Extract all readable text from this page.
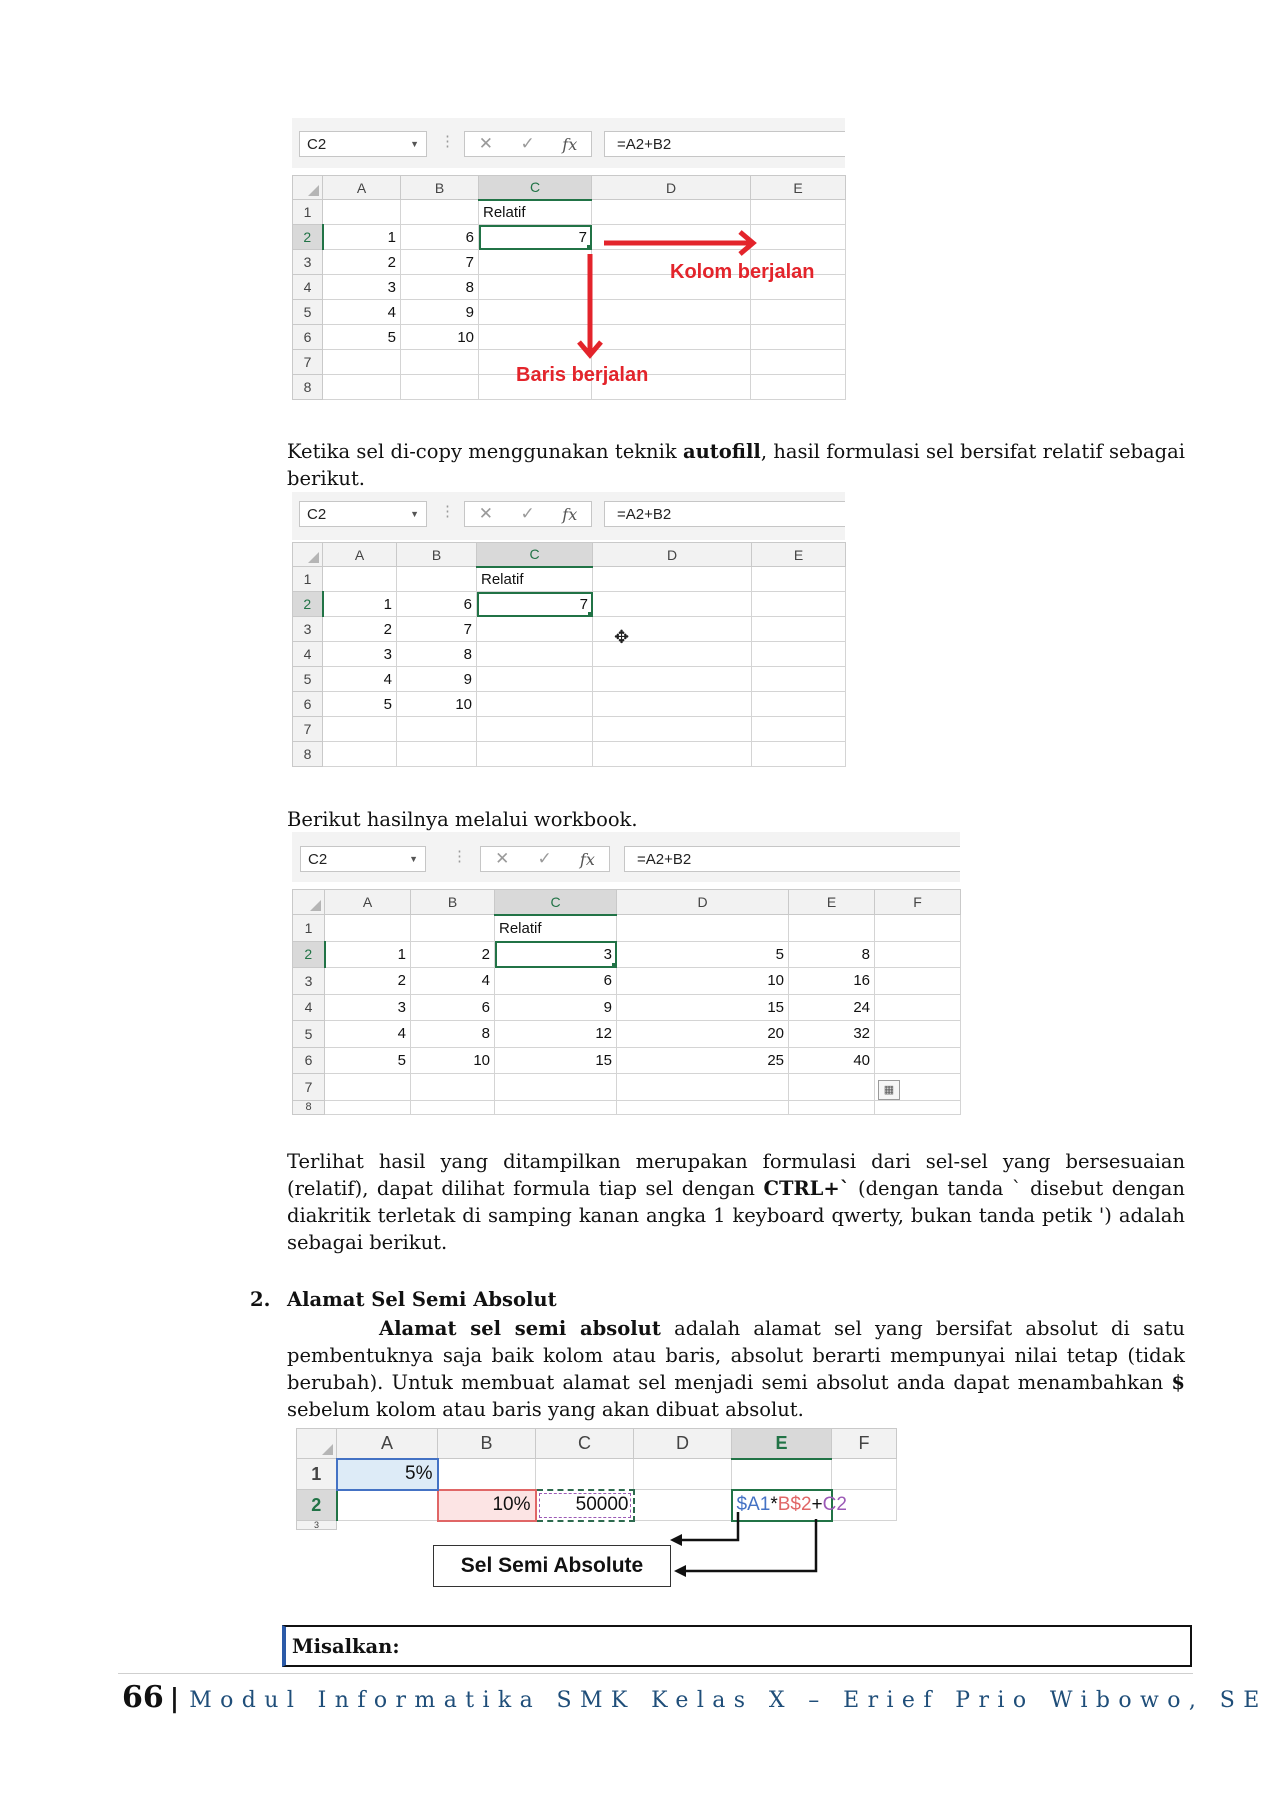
C2	▼ ⋮ ✕ ✓ fx	=A2+B2
	A	B	C	D	E
1			Relatif		
2	1	6	7		
3	2	7			
4	3	8			
5	4	9			
6	5	10			
7					
8					
Kolom berjalan
Baris berjalan
Ketika sel di-copy menggunakan teknik autofill, hasil formulasi sel bersifat relatif sebagai berikut.
C2	▼ ⋮ ✕ ✓ fx	=A2+B2
	A	B	C	D	E
1			Relatif		
2	1	6	7		
3	2	7			
4	3	8			
5	4	9			
6	5	10			
7					
8					
✥
Berikut hasilnya melalui workbook.
C2	▼ ⋮ ✕ ✓ fx	=A2+B2
	A	B	C	D	E	F
1			Relatif			
2	1	2	3	5	8	
3	2	4	6	10	16	
4	3	6	9	15	24	
5	4	8	12	20	32	
6	5	10	15	25	40	
7						
8						
▦
Terlihat hasil yang ditampilkan merupakan formulasi dari sel-sel yang bersesuaian (relatif), dapat dilihat formula tiap sel dengan CTRL+` (dengan tanda ` disebut dengan diakritik terletak di samping kanan angka 1 keyboard qwerty, bukan tanda petik ') adalah sebagai berikut.
2. Alamat Sel Semi Absolut
Alamat sel semi absolut adalah alamat sel yang bersifat absolut di satu pembentuknya saja baik kolom atau baris, absolut berarti mempunyai nilai tetap (tidak berubah). Untuk membuat alamat sel menjadi semi absolut anda dapat menambahkan $ sebelum kolom atau baris yang akan dibuat absolut.
	A	B	C	D	E	F
1	5%					
2		10%	50000		$A1*B$2+C2	
3						
Sel Semi Absolute
Misalkan:
66 | Modul Informatika SMK Kelas X – Erief Prio Wibowo, SE
